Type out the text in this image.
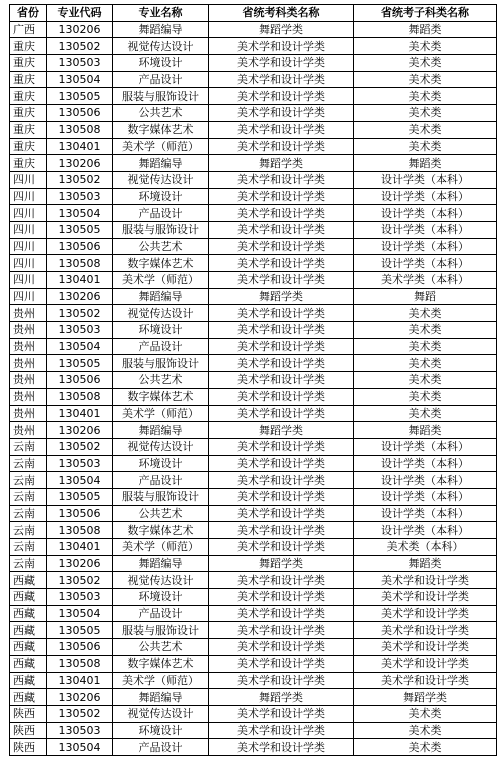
省份	专业代码	专业名称	省统考科类名称	省统考子科类名称
广西	130206	舞蹈编导	舞蹈学类	舞蹈类
重庆	130502	视觉传达设计	美术学和设计学类	美术类
重庆	130503	环境设计	美术学和设计学类	美术类
重庆	130504	产品设计	美术学和设计学类	美术类
重庆	130505	服装与服饰设计	美术学和设计学类	美术类
重庆	130506	公共艺术	美术学和设计学类	美术类
重庆	130508	数字媒体艺术	美术学和设计学类	美术类
重庆	130401	美术学（师范）	美术学和设计学类	美术类
重庆	130206	舞蹈编导	舞蹈学类	舞蹈类
四川	130502	视觉传达设计	美术学和设计学类	设计学类（本科）
四川	130503	环境设计	美术学和设计学类	设计学类（本科）
四川	130504	产品设计	美术学和设计学类	设计学类（本科）
四川	130505	服装与服饰设计	美术学和设计学类	设计学类（本科）
四川	130506	公共艺术	美术学和设计学类	设计学类（本科）
四川	130508	数字媒体艺术	美术学和设计学类	设计学类（本科）
四川	130401	美术学（师范）	美术学和设计学类	美术学类（本科）
四川	130206	舞蹈编导	舞蹈学类	舞蹈
贵州	130502	视觉传达设计	美术学和设计学类	美术类
贵州	130503	环境设计	美术学和设计学类	美术类
贵州	130504	产品设计	美术学和设计学类	美术类
贵州	130505	服装与服饰设计	美术学和设计学类	美术类
贵州	130506	公共艺术	美术学和设计学类	美术类
贵州	130508	数字媒体艺术	美术学和设计学类	美术类
贵州	130401	美术学（师范）	美术学和设计学类	美术类
贵州	130206	舞蹈编导	舞蹈学类	舞蹈类
云南	130502	视觉传达设计	美术学和设计学类	设计学类（本科）
云南	130503	环境设计	美术学和设计学类	设计学类（本科）
云南	130504	产品设计	美术学和设计学类	设计学类（本科）
云南	130505	服装与服饰设计	美术学和设计学类	设计学类（本科）
云南	130506	公共艺术	美术学和设计学类	设计学类（本科）
云南	130508	数字媒体艺术	美术学和设计学类	设计学类（本科）
云南	130401	美术学（师范）	美术学和设计学类	美术类（本科）
云南	130206	舞蹈编导	舞蹈学类	舞蹈类
西藏	130502	视觉传达设计	美术学和设计学类	美术学和设计学类
西藏	130503	环境设计	美术学和设计学类	美术学和设计学类
西藏	130504	产品设计	美术学和设计学类	美术学和设计学类
西藏	130505	服装与服饰设计	美术学和设计学类	美术学和设计学类
西藏	130506	公共艺术	美术学和设计学类	美术学和设计学类
西藏	130508	数字媒体艺术	美术学和设计学类	美术学和设计学类
西藏	130401	美术学（师范）	美术学和设计学类	美术学和设计学类
西藏	130206	舞蹈编导	舞蹈学类	舞蹈学类
陕西	130502	视觉传达设计	美术学和设计学类	美术类
陕西	130503	环境设计	美术学和设计学类	美术类
陕西	130504	产品设计	美术学和设计学类	美术类
